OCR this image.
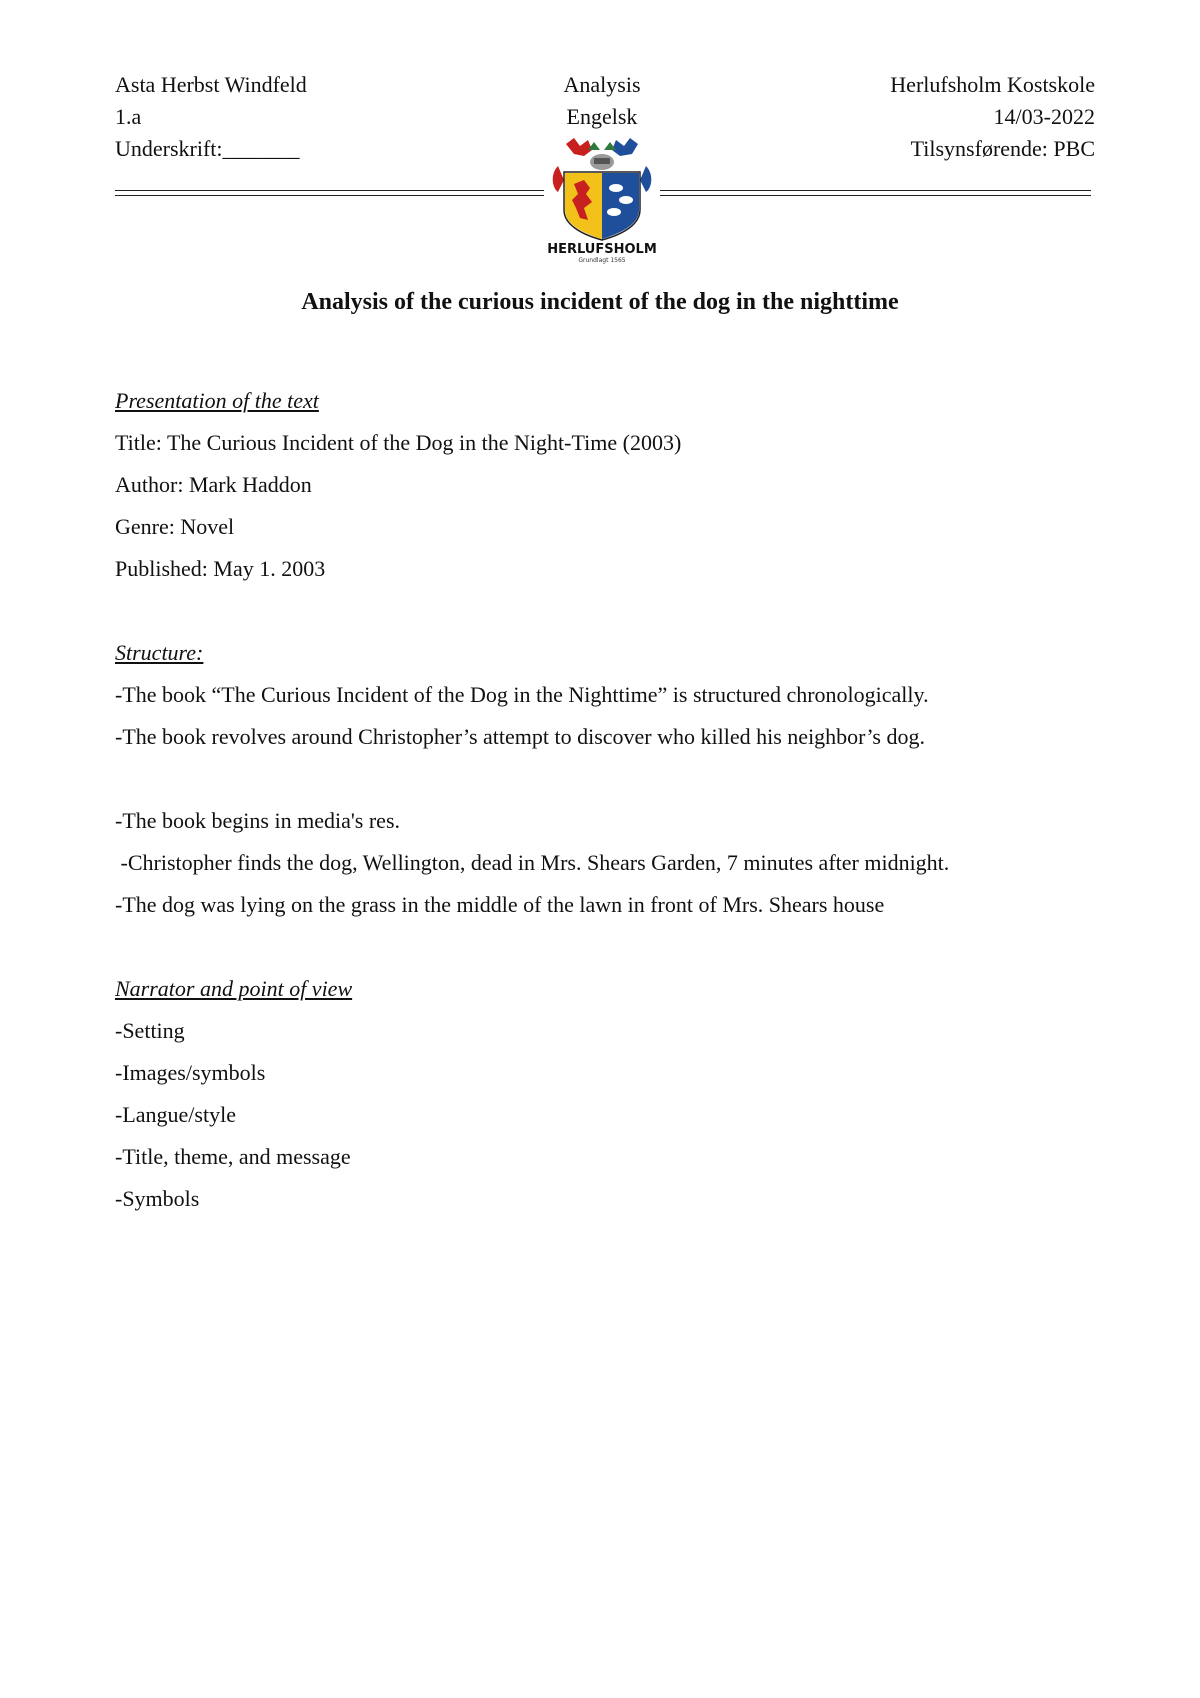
Asta Herbst Windfeld
1.a
Underskrift:_______
Analysis
Engelsk
Herlufsholm Kostskole
14/03-2022
Tilsynsførende: PBC
HERLUFSHOLM
Grundlagt 1565
Analysis of the curious incident of the dog in the nighttime
Presentation of the text
Title: The Curious Incident of the Dog in the Night-Time (2003)
Author: Mark Haddon
Genre: Novel
Published: May 1. 2003
Structure:
-The book “The Curious Incident of the Dog in the Nighttime” is structured chronologically.
-The book revolves around Christopher’s attempt to discover who killed his neighbor’s dog.
-The book begins in media's res.
-Christopher finds the dog, Wellington, dead in Mrs. Shears Garden, 7 minutes after midnight.
-The dog was lying on the grass in the middle of the lawn in front of Mrs. Shears house
Narrator and point of view
-Setting
-Images/symbols
-Langue/style
-Title, theme, and message
-Symbols
